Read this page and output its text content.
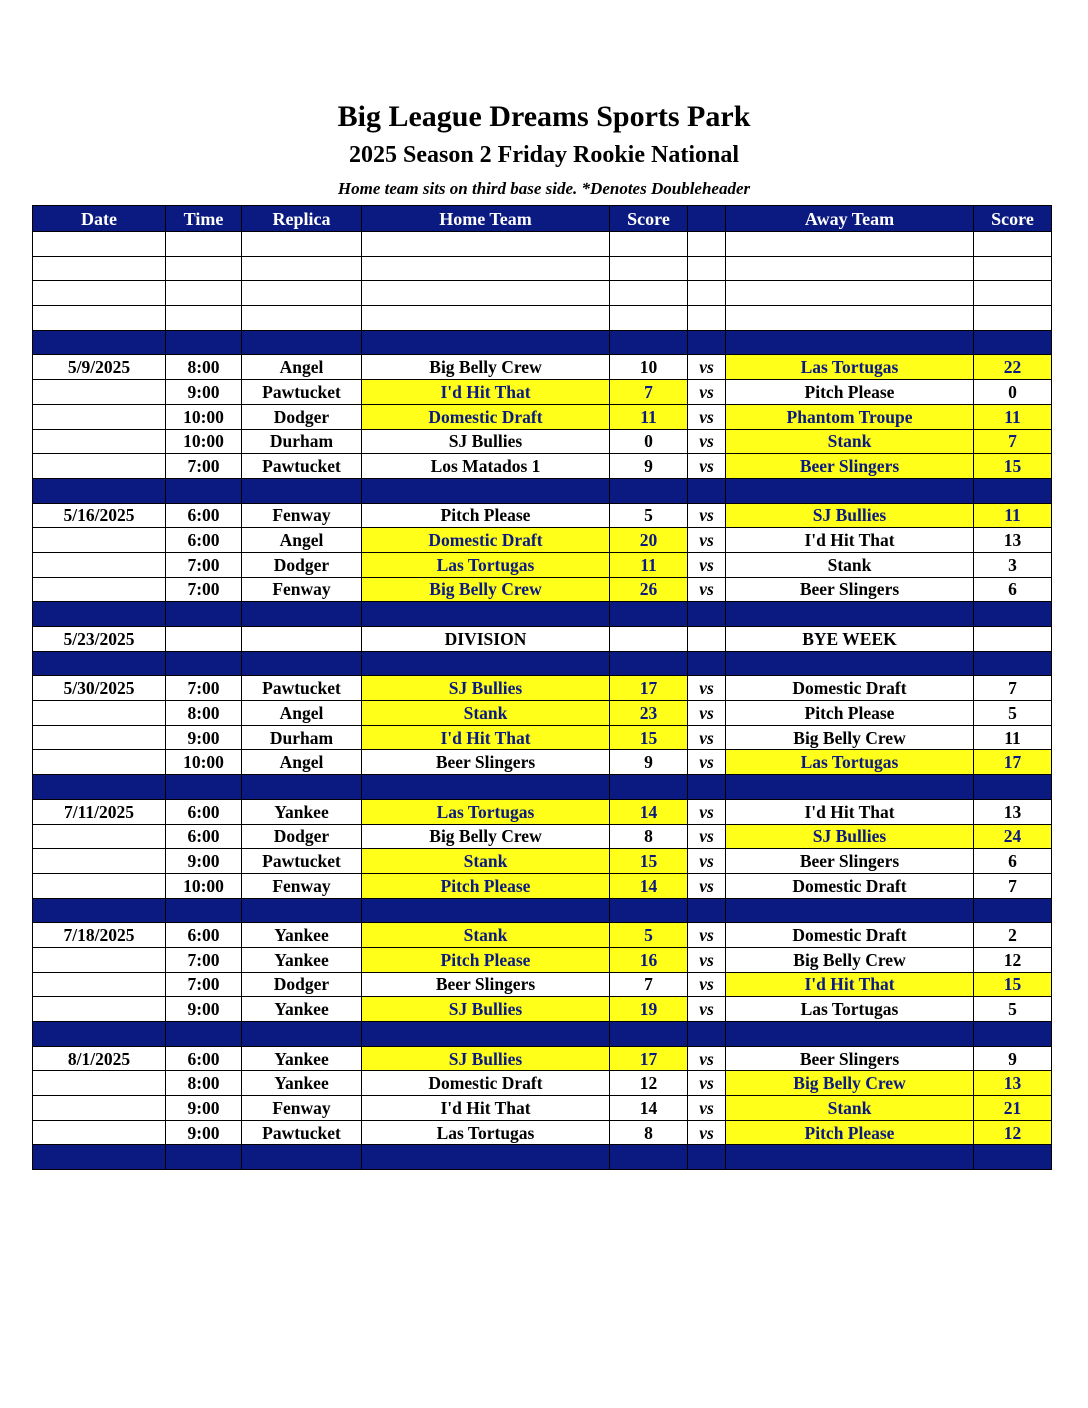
Big League Dreams Sports Park
2025 Season 2 Friday Rookie National
Home team sits on third base side. *Denotes Doubleheader
Date	Time	Replica	Home Team	Score		Away Team	Score

5/9/2025	8:00	Angel	Big Belly Crew	10	vs	Las Tortugas	22
	9:00	Pawtucket	I'd Hit That	7	vs	Pitch Please	0
	10:00	Dodger	Domestic Draft	11	vs	Phantom Troupe	11
	10:00	Durham	SJ Bullies	0	vs	Stank	7
	7:00	Pawtucket	Los Matados 1	9	vs	Beer Slingers	15

5/16/2025	6:00	Fenway	Pitch Please	5	vs	SJ Bullies	11
	6:00	Angel	Domestic Draft	20	vs	I'd Hit That	13
	7:00	Dodger	Las Tortugas	11	vs	Stank	3
	7:00	Fenway	Big Belly Crew	26	vs	Beer Slingers	6

5/23/2025			DIVISION			BYE WEEK	

5/30/2025	7:00	Pawtucket	SJ Bullies	17	vs	Domestic Draft	7
	8:00	Angel	Stank	23	vs	Pitch Please	5
	9:00	Durham	I'd Hit That	15	vs	Big Belly Crew	11
	10:00	Angel	Beer Slingers	9	vs	Las Tortugas	17

7/11/2025	6:00	Yankee	Las Tortugas	14	vs	I'd Hit That	13
	6:00	Dodger	Big Belly Crew	8	vs	SJ Bullies	24
	9:00	Pawtucket	Stank	15	vs	Beer Slingers	6
	10:00	Fenway	Pitch Please	14	vs	Domestic Draft	7

7/18/2025	6:00	Yankee	Stank	5	vs	Domestic Draft	2
	7:00	Yankee	Pitch Please	16	vs	Big Belly Crew	12
	7:00	Dodger	Beer Slingers	7	vs	I'd Hit That	15
	9:00	Yankee	SJ Bullies	19	vs	Las Tortugas	5

8/1/2025	6:00	Yankee	SJ Bullies	17	vs	Beer Slingers	9
	8:00	Yankee	Domestic Draft	12	vs	Big Belly Crew	13
	9:00	Fenway	I'd Hit That	14	vs	Stank	21
	9:00	Pawtucket	Las Tortugas	8	vs	Pitch Please	12
